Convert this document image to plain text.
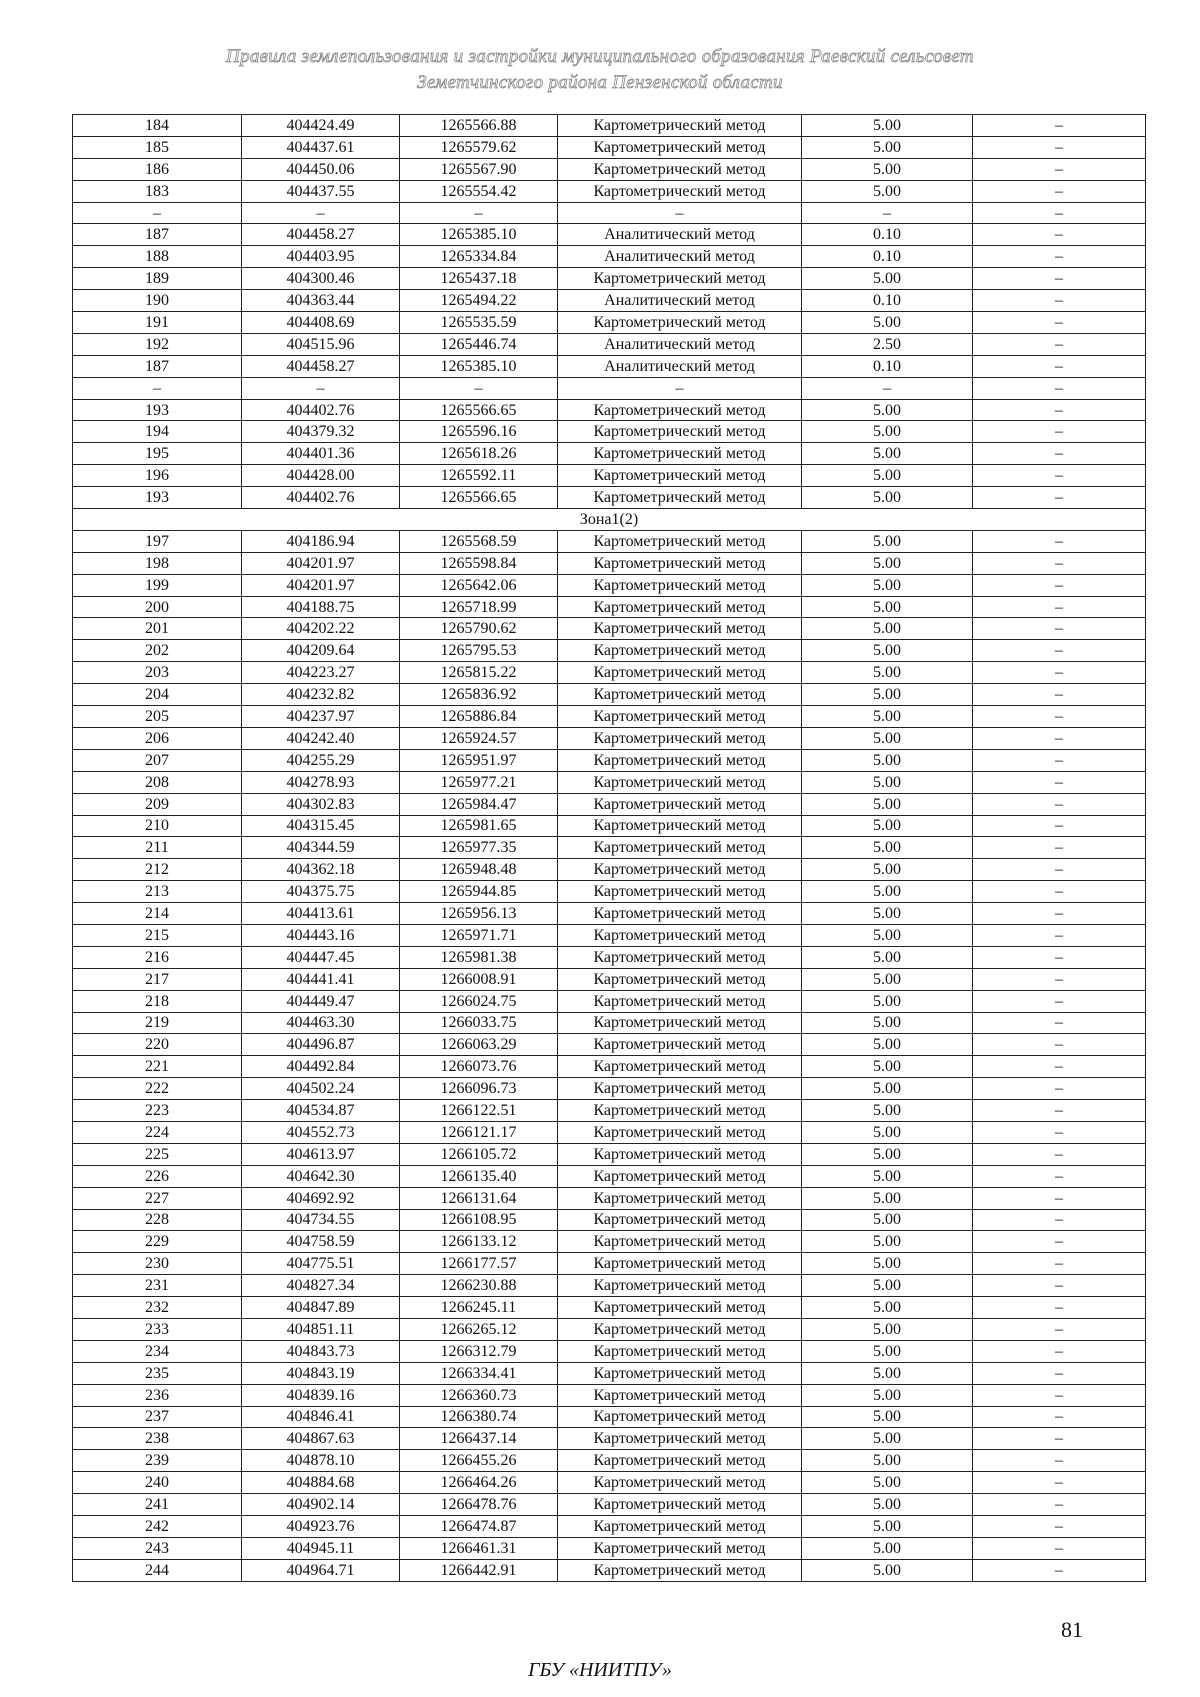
Правила землепользования и застройки муниципального образования Раевский сельсовет
Земетчинского района Пензенской области
184	404424.49	1265566.88	Картометрический метод	5.00	–
185	404437.61	1265579.62	Картометрический метод	5.00	–
186	404450.06	1265567.90	Картометрический метод	5.00	–
183	404437.55	1265554.42	Картометрический метод	5.00	–
–	–	–	–	–	–
187	404458.27	1265385.10	Аналитический метод	0.10	–
188	404403.95	1265334.84	Аналитический метод	0.10	–
189	404300.46	1265437.18	Картометрический метод	5.00	–
190	404363.44	1265494.22	Аналитический метод	0.10	–
191	404408.69	1265535.59	Картометрический метод	5.00	–
192	404515.96	1265446.74	Аналитический метод	2.50	–
187	404458.27	1265385.10	Аналитический метод	0.10	–
–	–	–	–	–	–
193	404402.76	1265566.65	Картометрический метод	5.00	–
194	404379.32	1265596.16	Картометрический метод	5.00	–
195	404401.36	1265618.26	Картометрический метод	5.00	–
196	404428.00	1265592.11	Картометрический метод	5.00	–
193	404402.76	1265566.65	Картометрический метод	5.00	–
Зона1(2)					
197	404186.94	1265568.59	Картометрический метод	5.00	–
198	404201.97	1265598.84	Картометрический метод	5.00	–
199	404201.97	1265642.06	Картометрический метод	5.00	–
200	404188.75	1265718.99	Картометрический метод	5.00	–
201	404202.22	1265790.62	Картометрический метод	5.00	–
202	404209.64	1265795.53	Картометрический метод	5.00	–
203	404223.27	1265815.22	Картометрический метод	5.00	–
204	404232.82	1265836.92	Картометрический метод	5.00	–
205	404237.97	1265886.84	Картометрический метод	5.00	–
206	404242.40	1265924.57	Картометрический метод	5.00	–
207	404255.29	1265951.97	Картометрический метод	5.00	–
208	404278.93	1265977.21	Картометрический метод	5.00	–
209	404302.83	1265984.47	Картометрический метод	5.00	–
210	404315.45	1265981.65	Картометрический метод	5.00	–
211	404344.59	1265977.35	Картометрический метод	5.00	–
212	404362.18	1265948.48	Картометрический метод	5.00	–
213	404375.75	1265944.85	Картометрический метод	5.00	–
214	404413.61	1265956.13	Картометрический метод	5.00	–
215	404443.16	1265971.71	Картометрический метод	5.00	–
216	404447.45	1265981.38	Картометрический метод	5.00	–
217	404441.41	1266008.91	Картометрический метод	5.00	–
218	404449.47	1266024.75	Картометрический метод	5.00	–
219	404463.30	1266033.75	Картометрический метод	5.00	–
220	404496.87	1266063.29	Картометрический метод	5.00	–
221	404492.84	1266073.76	Картометрический метод	5.00	–
222	404502.24	1266096.73	Картометрический метод	5.00	–
223	404534.87	1266122.51	Картометрический метод	5.00	–
224	404552.73	1266121.17	Картометрический метод	5.00	–
225	404613.97	1266105.72	Картометрический метод	5.00	–
226	404642.30	1266135.40	Картометрический метод	5.00	–
227	404692.92	1266131.64	Картометрический метод	5.00	–
228	404734.55	1266108.95	Картометрический метод	5.00	–
229	404758.59	1266133.12	Картометрический метод	5.00	–
230	404775.51	1266177.57	Картометрический метод	5.00	–
231	404827.34	1266230.88	Картометрический метод	5.00	–
232	404847.89	1266245.11	Картометрический метод	5.00	–
233	404851.11	1266265.12	Картометрический метод	5.00	–
234	404843.73	1266312.79	Картометрический метод	5.00	–
235	404843.19	1266334.41	Картометрический метод	5.00	–
236	404839.16	1266360.73	Картометрический метод	5.00	–
237	404846.41	1266380.74	Картометрический метод	5.00	–
238	404867.63	1266437.14	Картометрический метод	5.00	–
239	404878.10	1266455.26	Картометрический метод	5.00	–
240	404884.68	1266464.26	Картометрический метод	5.00	–
241	404902.14	1266478.76	Картометрический метод	5.00	–
242	404923.76	1266474.87	Картометрический метод	5.00	–
243	404945.11	1266461.31	Картометрический метод	5.00	–
244	404964.71	1266442.91	Картометрический метод	5.00	–
81
ГБУ «НИИТПУ»
